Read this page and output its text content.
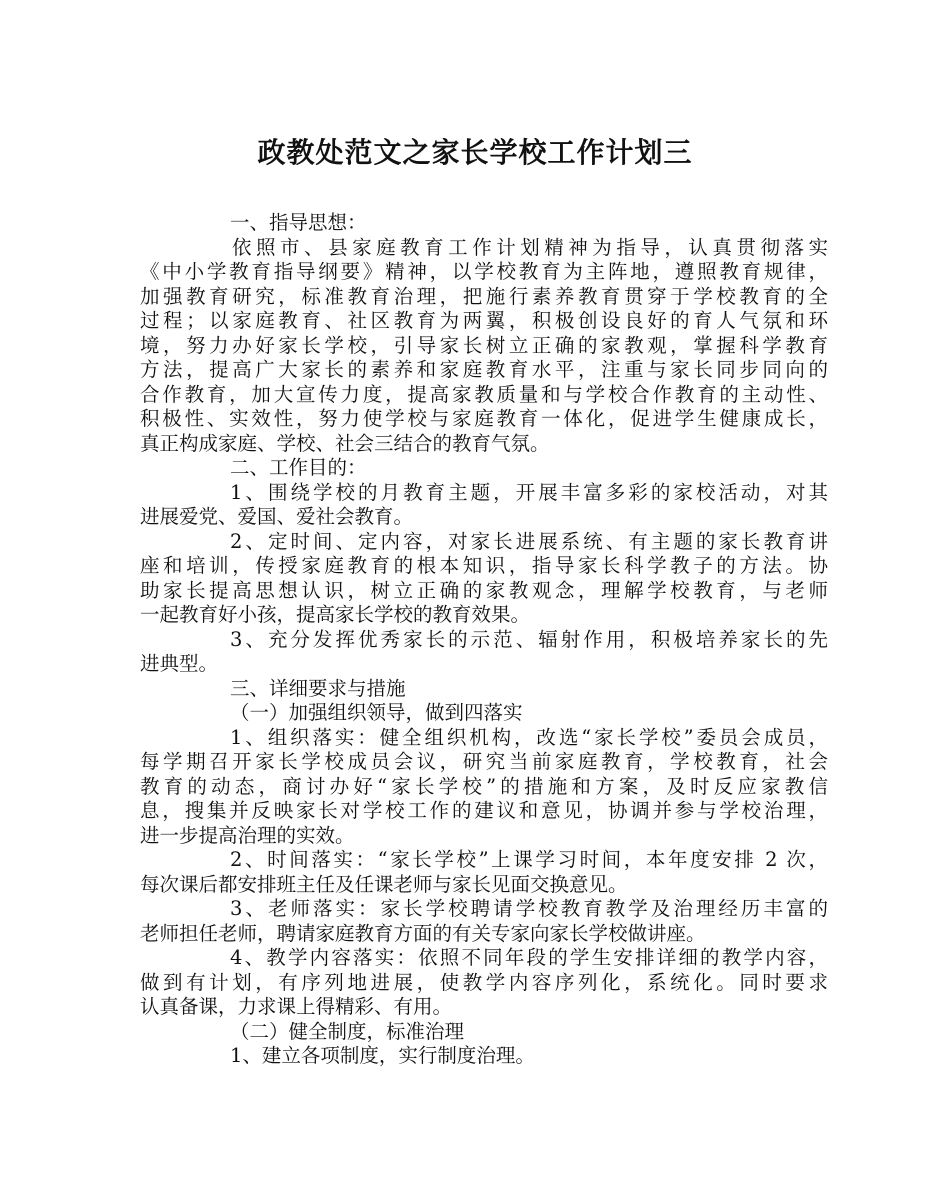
政教处范文之家长学校工作计划三
一、指导思想：
依照市、县家庭教育工作计划精神为指导，认真贯彻落实
《中小学教育指导纲要》精神，以学校教育为主阵地，遵照教育规律，
加强教育研究，标准教育治理，把施行素养教育贯穿于学校教育的全
过程；以家庭教育、社区教育为两翼，积极创设良好的育人气氛和环
境，努力办好家长学校，引导家长树立正确的家教观，掌握科学教育
方法，提高广大家长的素养和家庭教育水平，注重与家长同步同向的
合作教育，加大宣传力度，提高家教质量和与学校合作教育的主动性、
积极性、实效性，努力使学校与家庭教育一体化，促进学生健康成长，
真正构成家庭、学校、社会三结合的教育气氛。
二、工作目的：
1、围绕学校的月教育主题，开展丰富多彩的家校活动，对其
进展爱党、爱国、爱社会教育。
2、定时间、定内容，对家长进展系统、有主题的家长教育讲
座和培训，传授家庭教育的根本知识，指导家长科学教子的方法。协
助家长提高思想认识，树立正确的家教观念，理解学校教育，与老师
一起教育好小孩，提高家长学校的教育效果。
3、充分发挥优秀家长的示范、辐射作用，积极培养家长的先
进典型。
三、详细要求与措施
（一）加强组织领导，做到四落实
1、组织落实：健全组织机构，改选“家长学校”委员会成员，
每学期召开家长学校成员会议，研究当前家庭教育，学校教育，社会
教育的动态，商讨办好“家长学校”的措施和方案，及时反应家教信
息，搜集并反映家长对学校工作的建议和意见，协调并参与学校治理，
进一步提高治理的实效。
2、时间落实：“家长学校”上课学习时间，本年度安排 2 次，
每次课后都安排班主任及任课老师与家长见面交换意见。
3、老师落实：家长学校聘请学校教育教学及治理经历丰富的
老师担任老师，聘请家庭教育方面的有关专家向家长学校做讲座。
4、教学内容落实：依照不同年段的学生安排详细的教学内容，
做到有计划，有序列地进展，使教学内容序列化，系统化。同时要求
认真备课，力求课上得精彩、有用。
（二）健全制度，标准治理
1、建立各项制度，实行制度治理。
